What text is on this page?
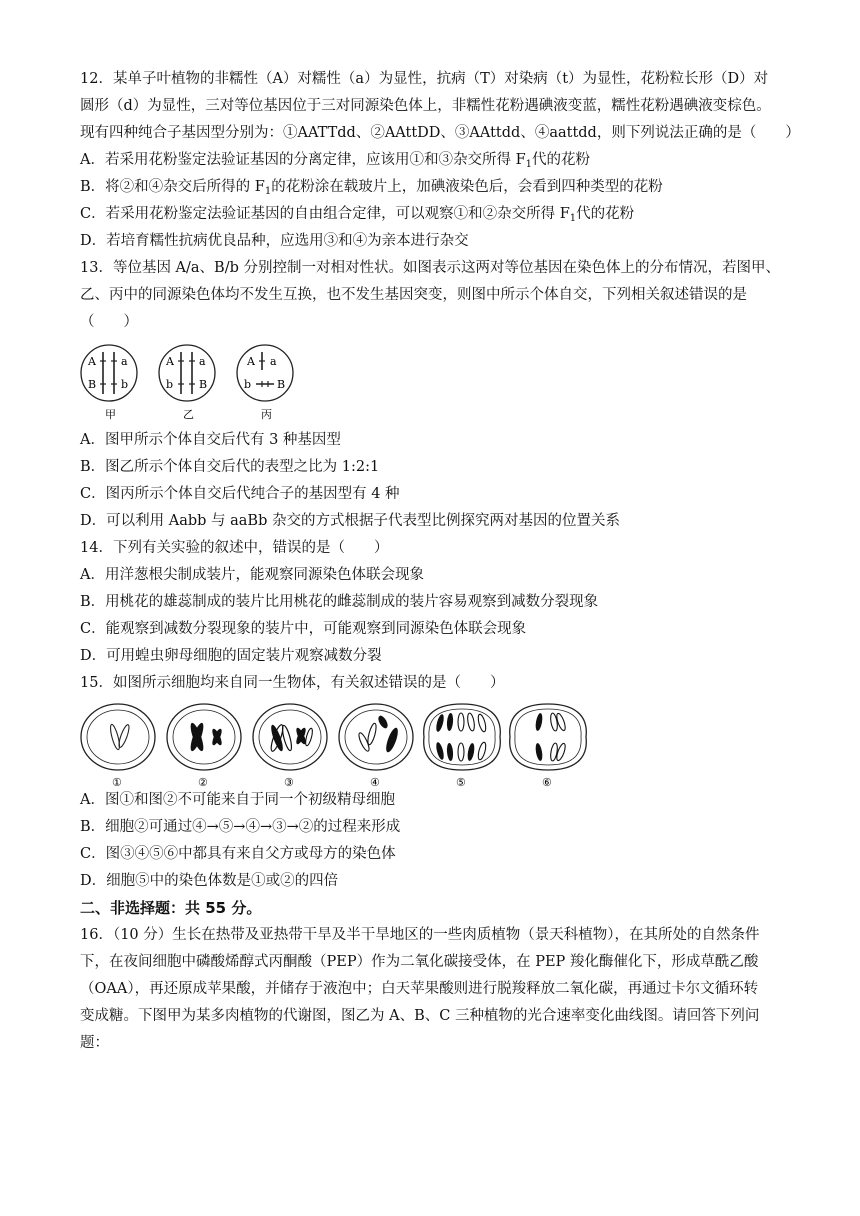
12．某单子叶植物的非糯性（A）对糯性（a）为显性，抗病（T）对染病（t）为显性，花粉粒长形（D）对
圆形（d）为显性，三对等位基因位于三对同源染色体上，非糯性花粉遇碘液变蓝，糯性花粉遇碘液变棕色。
现有四种纯合子基因型分别为：①AATTdd、②AAttDD、③AAttdd、④aattdd，则下列说法正确的是（　　）
A．若采用花粉鉴定法验证基因的分离定律，应该用①和③杂交所得 $F_1$代的花粉
B．将②和④杂交后所得的 $F_1$的花粉涂在载玻片上，加碘液染色后，会看到四种类型的花粉
C．若采用花粉鉴定法验证基因的自由组合定律，可以观察①和②杂交所得 $F_1$代的花粉
D．若培育糯性抗病优良品种，应选用③和④为亲本进行杂交
13．等位基因 A/a、B/b 分别控制一对相对性状。如图表示这两对等位基因在染色体上的分布情况，若图甲、
乙、丙中的同源染色体均不发生互换，也不发生基因突变，则图中所示个体自交，下列相关叙述错误的是
（　　）
A a
B b
A a
b B
A a
b B
甲	乙	丙
A．图甲所示个体自交后代有 3 种基因型
B．图乙所示个体自交后代的表型之比为 1:2:1
C．图丙所示个体自交后代纯合子的基因型有 4 种
D．可以利用 Aabb 与 aaBb 杂交的方式根据子代表型比例探究两对基因的位置关系
14．下列有关实验的叙述中，错误的是（　　）
A．用洋葱根尖制成装片，能观察同源染色体联会现象
B．用桃花的雄蕊制成的装片比用桃花的雌蕊制成的装片容易观察到减数分裂现象
C．能观察到减数分裂现象的装片中，可能观察到同源染色体联会现象
D．可用蝗虫卵母细胞的固定装片观察减数分裂
15．如图所示细胞均来自同一生物体，有关叙述错误的是（　　）
①	②	③	④	⑤	⑥
A．图①和图②不可能来自于同一个初级精母细胞
B．细胞②可通过④→⑤→④→③→②的过程来形成
C．图③④⑤⑥中都具有来自父方或母方的染色体
D．细胞⑤中的染色体数是①或②的四倍
二、非选择题：共 55 分。
16．（10 分）生长在热带及亚热带干旱及半干旱地区的一些肉质植物（景天科植物），在其所处的自然条件
下，在夜间细胞中磷酸烯醇式丙酮酸（PEP）作为二氧化碳接受体，在 PEP 羧化酶催化下，形成草酰乙酸
（OAA），再还原成苹果酸，并储存于液泡中；白天苹果酸则进行脱羧释放二氧化碳，再通过卡尔文循环转
变成糖。下图甲为某多肉植物的代谢图，图乙为 A、B、C 三种植物的光合速率变化曲线图。请回答下列问
题：
